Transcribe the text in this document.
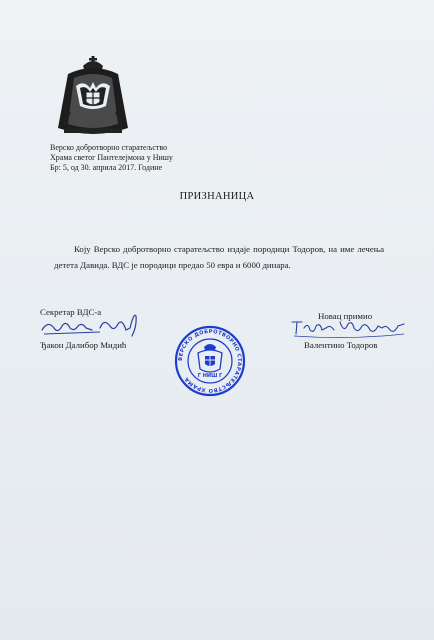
Верско добротворно старатељство
Храма светог Пантелејмона у Нишу
Бр: 5, од 30. априла 2017. Године
ПРИЗНАНИЦА
Коју Верско добротворно старатељство издаје породици Тодоров, на име лечења детета Давида. ВДС је породици предао 50 евра и 6000 динара.
Секретар ВДС-а
Ђакон Далибор Мидић
Новац примио
Валентино Тодоров
ВЕРСКО ДОБРОТВОРНО СТАРАТЕЉСТВО ХРАМА	Г НИШ Г
